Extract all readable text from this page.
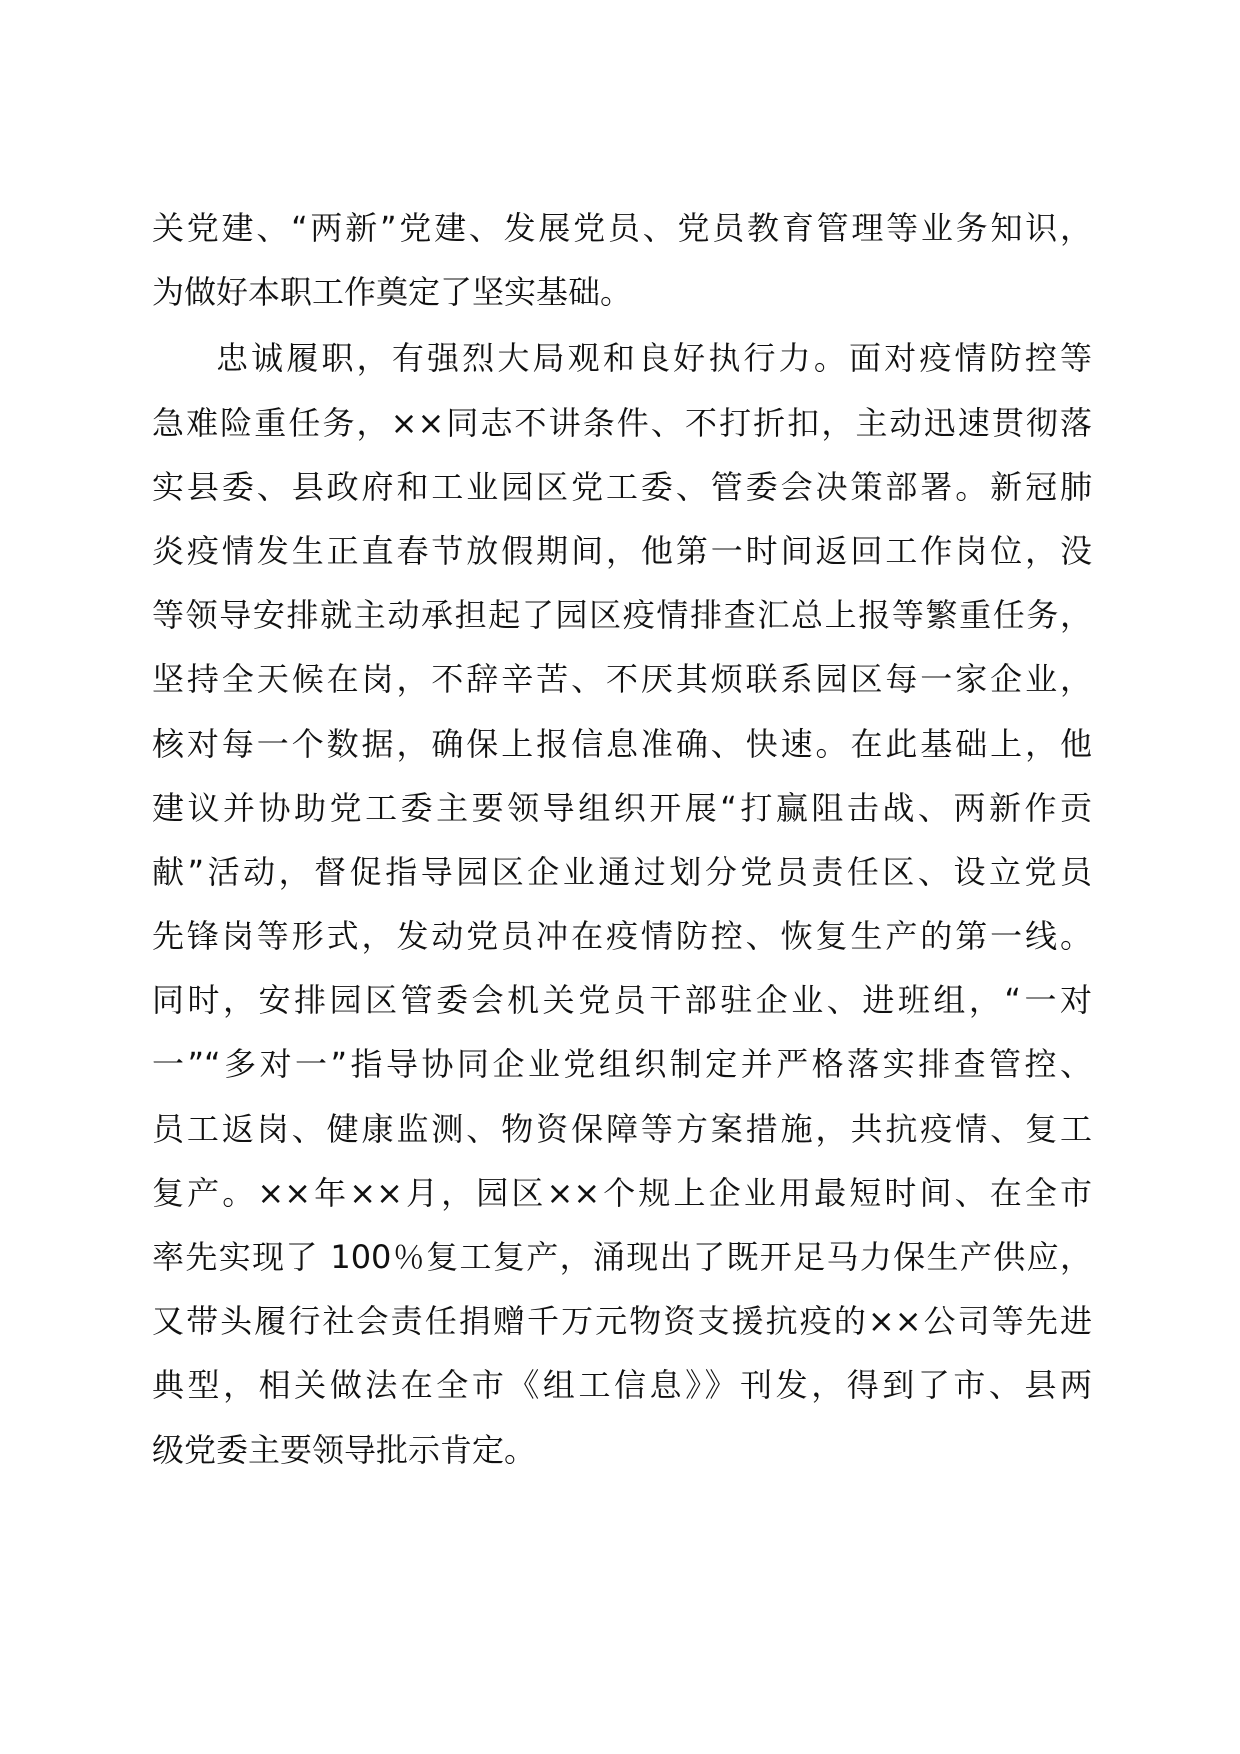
关党建、“两新”党建、发展党员、党员教育管理等业务知识，
为做好本职工作奠定了坚实基础。

忠诚履职，有强烈大局观和良好执行力。面对疫情防控等
急难险重任务，××同志不讲条件、不打折扣，主动迅速贯彻落
实县委、县政府和工业园区党工委、管委会决策部署。新冠肺
炎疫情发生正直春节放假期间，他第一时间返回工作岗位，没
等领导安排就主动承担起了园区疫情排查汇总上报等繁重任务，
坚持全天候在岗，不辞辛苦、不厌其烦联系园区每一家企业，
核对每一个数据，确保上报信息准确、快速。在此基础上，他
建议并协助党工委主要领导组织开展“打赢阻击战、两新作贡
献”活动，督促指导园区企业通过划分党员责任区、设立党员
先锋岗等形式，发动党员冲在疫情防控、恢复生产的第一线。
同时，安排园区管委会机关党员干部驻企业、进班组，“一对
一”“多对一”指导协同企业党组织制定并严格落实排查管控、
员工返岗、健康监测、物资保障等方案措施，共抗疫情、复工
复产。××年××月，园区××个规上企业用最短时间、在全市
率先实现了 100％复工复产，涌现出了既开足马力保生产供应，
又带头履行社会责任捐赠千万元物资支援抗疫的××公司等先进
典型，相关做法在全市《组工信息》》刊发，得到了市、县两
级党委主要领导批示肯定。
